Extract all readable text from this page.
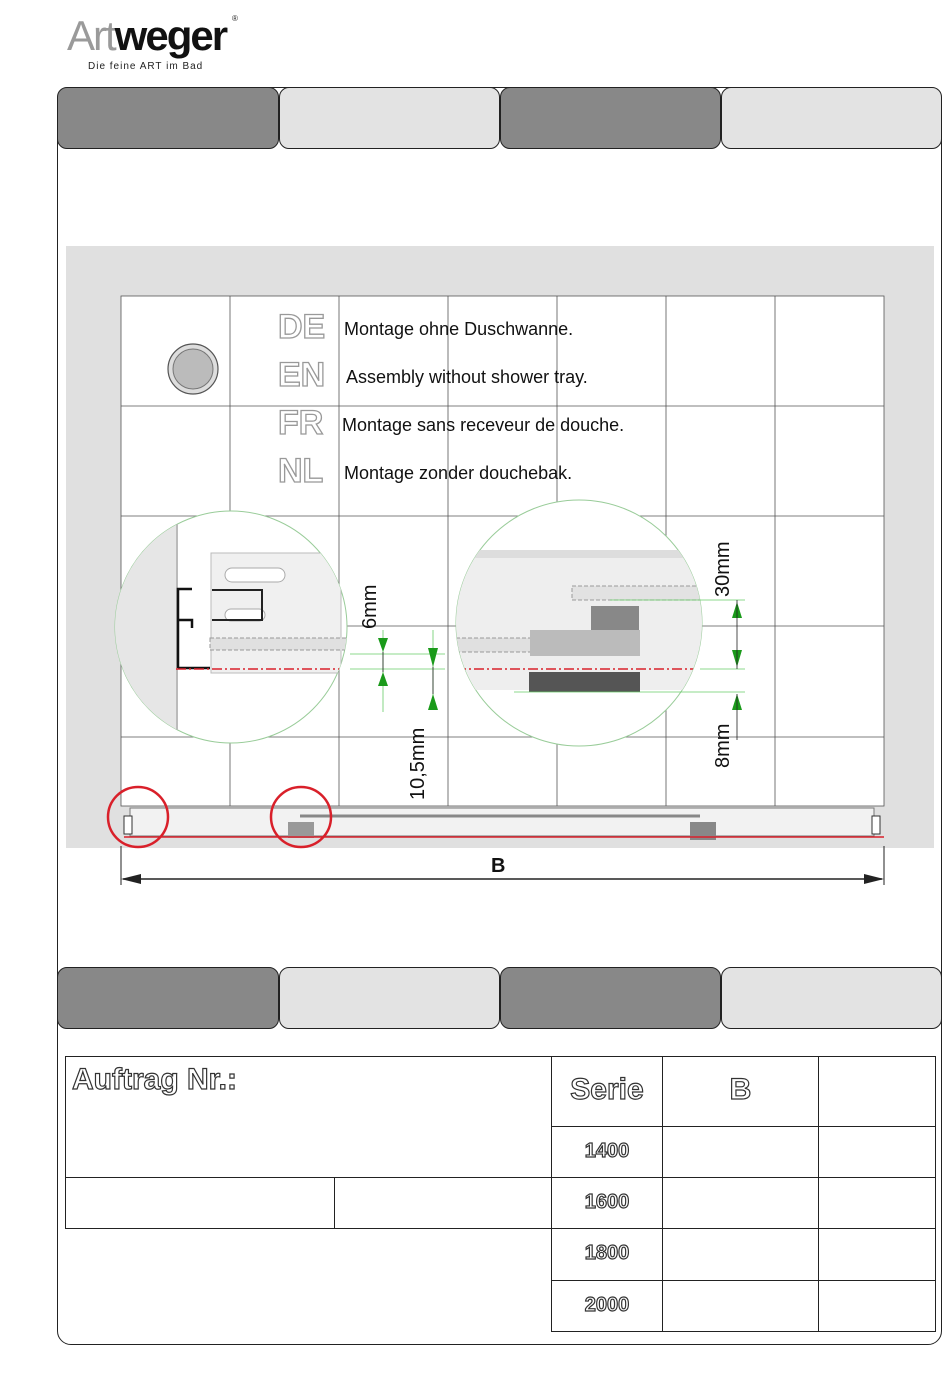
Artweger ®
Die feine ART im Bad
DE Montage ohne Duschwanne.
EN Assembly without shower tray.
FR Montage sans receveur de douche.
NL Montage zonder douchebak.
6mm
10,5mm
30mm
8mm
B
Auftrag Nr.:	Serie	B
1400
1600
1800
2000
